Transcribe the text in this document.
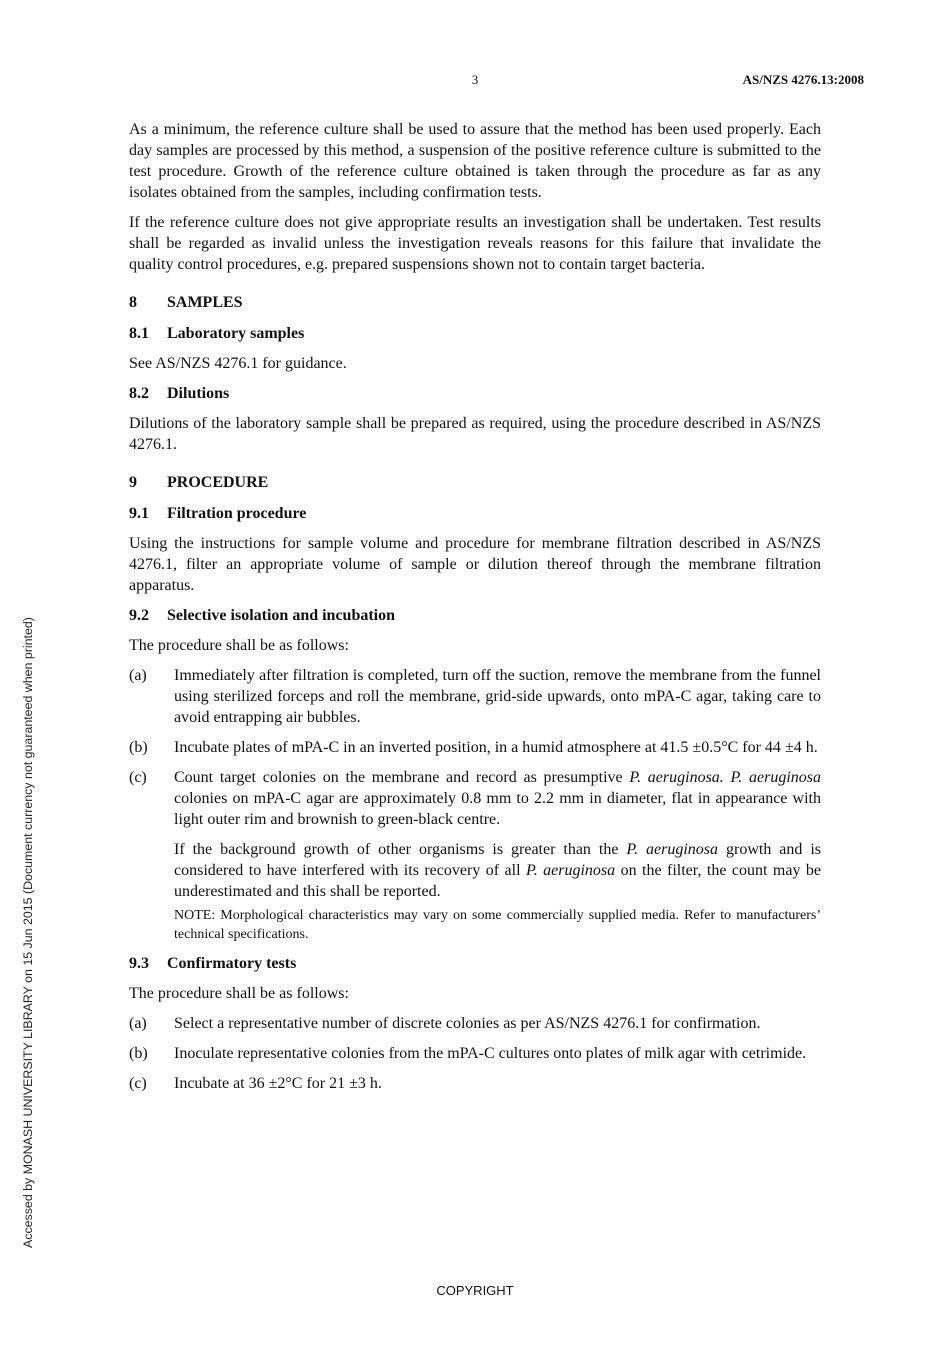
3	AS/NZS 4276.13:2008
Accessed by MONASH UNIVERSITY LIBRARY on 15 Jun 2015 (Document currency not guaranteed when printed)

As a minimum, the reference culture shall be used to assure that the method has been used properly. Each day samples are processed by this method, a suspension of the positive reference culture is submitted to the test procedure. Growth of the reference culture obtained is taken through the procedure as far as any isolates obtained from the samples, including confirmation tests.

If the reference culture does not give appropriate results an investigation shall be undertaken. Test results shall be regarded as invalid unless the investigation reveals reasons for this failure that invalidate the quality control procedures, e.g. prepared suspensions shown not to contain target bacteria.

8 SAMPLES
8.1 Laboratory samples

See AS/NZS 4276.1 for guidance.

8.2 Dilutions

Dilutions of the laboratory sample shall be prepared as required, using the procedure described in AS/NZS 4276.1.

9 PROCEDURE
9.1 Filtration procedure

Using the instructions for sample volume and procedure for membrane filtration described in AS/NZS 4276.1, filter an appropriate volume of sample or dilution thereof through the membrane filtration apparatus.

9.2 Selective isolation and incubation

The procedure shall be as follows:

(a)	Immediately after filtration is completed, turn off the suction, remove the membrane from the funnel using sterilized forceps and roll the membrane, grid-side upwards, onto mPA-C agar, taking care to avoid entrapping air bubbles.

(b)	Incubate plates of mPA-C in an inverted position, in a humid atmosphere at 41.5 ±0.5°C for 44 ±4 h.

(c)	Count target colonies on the membrane and record as presumptive P. aeruginosa. P. aeruginosa colonies on mPA-C agar are approximately 0.8 mm to 2.2 mm in diameter, flat in appearance with light outer rim and brownish to green-black centre.

If the background growth of other organisms is greater than the P. aeruginosa growth and is considered to have interfered with its recovery of all P. aeruginosa on the filter, the count may be underestimated and this shall be reported.

NOTE: Morphological characteristics may vary on some commercially supplied media. Refer to manufacturers’ technical specifications.
9.3 Confirmatory tests

The procedure shall be as follows:

(a)	Select a representative number of discrete colonies as per AS/NZS 4276.1 for confirmation.

(b)	Inoculate representative colonies from the mPA-C cultures onto plates of milk agar with cetrimide.

(c)	Incubate at 36 ±2°C for 21 ±3 h.

COPYRIGHT
